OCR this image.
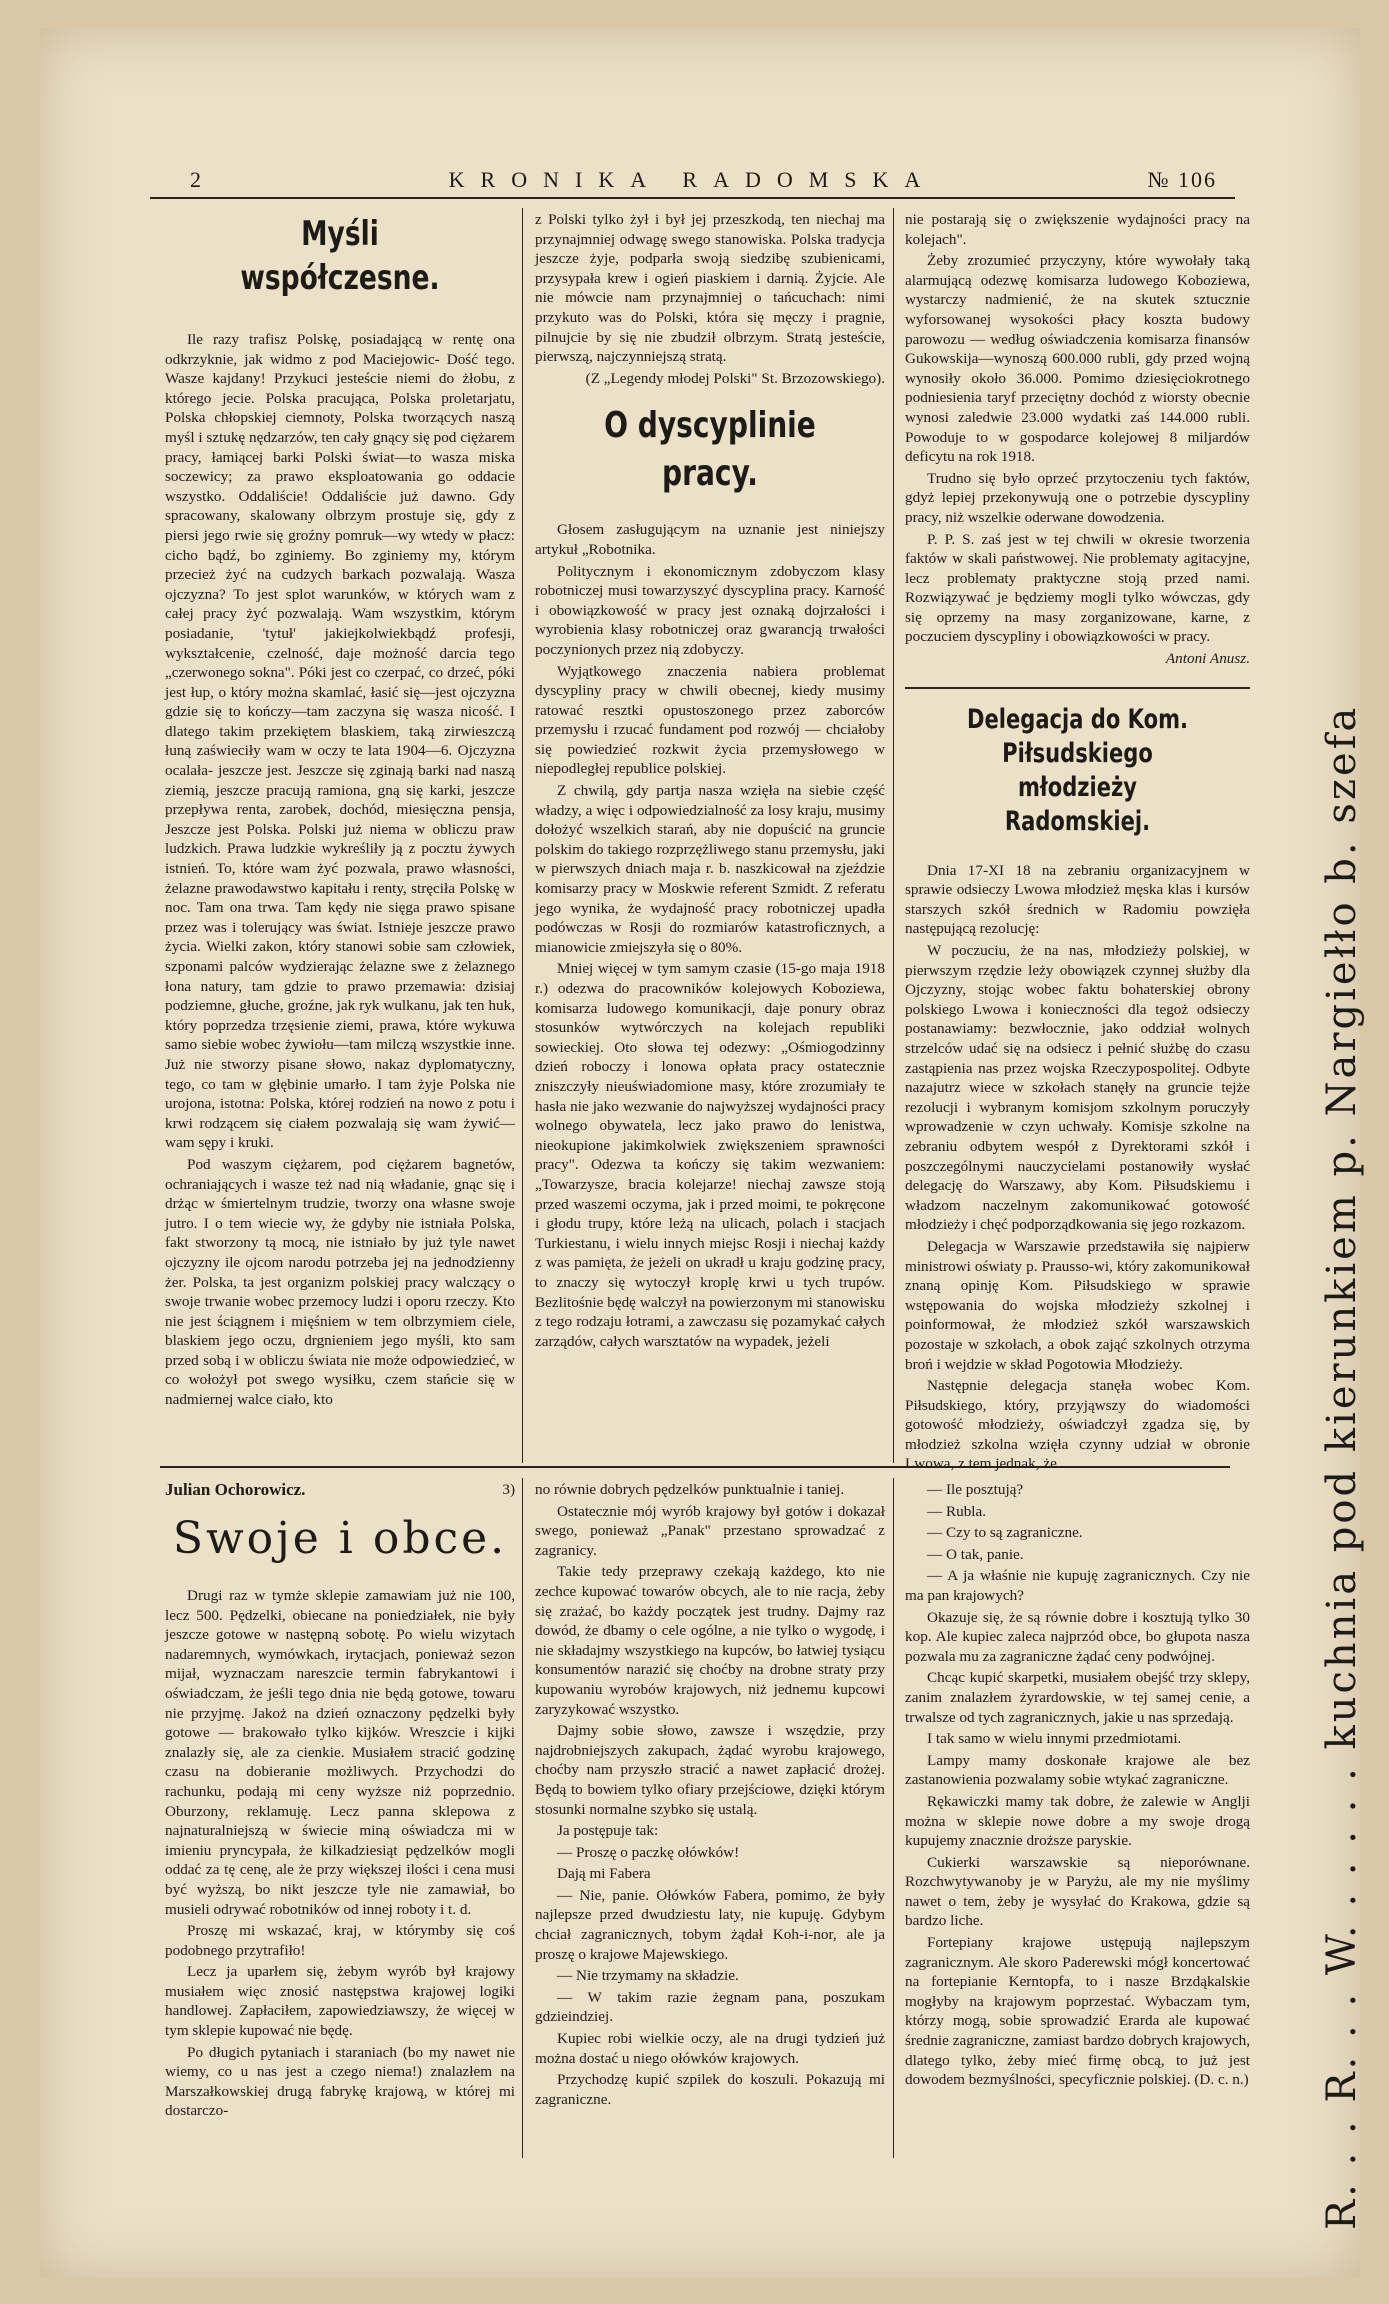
2	KRONIKA RADOMSKA	№ 106
R. . . R. . . W. . . . . . kuchnia pod kierunkiem p. Nargiełło b. szefa
Myśli współczesne.

Ile razy trafisz Polskę, posiadającą w rentę ona odkrzyknie, jak widmo z pod Maciejowic- Dość tego. Wasze kajdany! Przykuci jesteście niemi do żłobu, z którego jecie. Polska pracująca, Polska proletarjatu, Polska chłopskiej ciemnoty, Polska tworzących naszą myśl i sztukę nędzarzów, ten cały gnący się pod ciężarem pracy, łamiącej barki Polski świat—to wasza miska soczewicy; za prawo eksploatowania go oddacie wszystko. Oddaliście! Oddaliście już dawno. Gdy spracowany, skalowany olbrzym prostuje się, gdy z piersi jego rwie się groźny pomruk—wy wtedy w płacz: cicho bądź, bo zginiemy. Bo zginiemy my, którym przecież żyć na cudzych barkach pozwalają. Wasza ojczyzna? To jest splot warunków, w których wam z całej pracy żyć pozwalają. Wam wszystkim, którym posiadanie, 'tytuł' jakiejkolwiekbądź profesji, wykształcenie, czelność, daje możność darcia tego „czerwonego sokna". Póki jest co czerpać, co drzeć, póki jest łup, o który można skamlać, łasić się—jest ojczyzna gdzie się to kończy—tam zaczyna się wasza nicość. I dlatego takim przekiętem blaskiem, taką zirwieszczą łuną zaświeciły wam w oczy te lata 1904—6. Ojczyzna ocalała- jeszcze jest. Jeszcze się zginają barki nad naszą ziemią, jeszcze pracują ramiona, gną się karki, jeszcze przepływa renta, zarobek, dochód, miesięczna pensja, Jeszcze jest Polska. Polski już niema w obliczu praw ludzkich. Prawa ludzkie wykreśliły ją z pocztu żywych istnień. To, które wam żyć pozwala, prawo własności, żelazne prawodawstwo kapitału i renty, stręciła Polskę w noc. Tam ona trwa. Tam kędy nie sięga prawo spisane przez was i tolerujący was świat. Istnieje jeszcze prawo życia. Wielki zakon, który stanowi sobie sam człowiek, szponami palców wydzierając żelazne swe z żelaznego łona natury, tam gdzie to prawo przemawia: dzisiaj podziemne, głuche, groźne, jak ryk wulkanu, jak ten huk, który poprzedza trzęsienie ziemi, prawa, które wykuwa samo siebie wobec żywiołu—tam milczą wszystkie inne. Już nie stworzy pisane słowo, nakaz dyplomatyczny, tego, co tam w głębinie umarło. I tam żyje Polska nie urojona, istotna: Polska, której rodzień na nowo z potu i krwi rodzącem się ciałem pozwalają się wam żywić—wam sępy i kruki.

Pod waszym ciężarem, pod ciężarem bagnetów, ochraniających i wasze też nad nią władanie, gnąc się i drżąc w śmiertelnym trudzie, tworzy ona własne swoje jutro. I o tem wiecie wy, że gdyby nie istniała Polska, fakt stworzony tą mocą, nie istniało by już tyle nawet ojczyzny ile ojcom narodu potrzeba jej na jednodzienny żer. Polska, ta jest organizm polskiej pracy walczący o swoje trwanie wobec przemocy ludzi i oporu rzeczy. Kto nie jest ściągnem i mięśniem w tem olbrzymiem ciele, blaskiem jego oczu, drgnieniem jego myśli, kto sam przed sobą i w obliczu świata nie może odpowiedzieć, w co wołożył pot swego wysiłku, czem stańcie się w nadmiernej walce ciało, kto

z Polski tylko żył i był jej przeszkodą, ten niechaj ma przynajmniej odwagę swego stanowiska. Polska tradycja jeszcze żyje, podparła swoją siedzibę szubienicami, przysypała krew i ogień piaskiem i darnią. Żyjcie. Ale nie mówcie nam przynajmniej o tańcuchach: nimi przykuto was do Polski, która się męczy i pragnie, pilnujcie by się nie zbudził olbrzym. Stratą jesteście, pierwszą, najczynniejszą stratą.

(Z „Legendy młodej Polski" St. Brzozowskiego).

O dyscyplinie pracy.

Głosem zasługującym na uznanie jest niniejszy artykuł „Robotnika.

Politycznym i ekonomicznym zdobyczom klasy robotniczej musi towarzyszyć dyscyplina pracy. Karność i obowiązkowość w pracy jest oznaką dojrzałości i wyrobienia klasy robotniczej oraz gwarancją trwałości poczynionych przez nią zdobyczy.

Wyjątkowego znaczenia nabiera problemat dyscypliny pracy w chwili obecnej, kiedy musimy ratować resztki opustoszonego przez zaborców przemysłu i rzucać fundament pod rozwój — chciałoby się powiedzieć rozkwit życia przemysłowego w niepodległej republice polskiej.

Z chwilą, gdy partja nasza wzięła na siebie część władzy, a więc i odpowiedzialność za losy kraju, musimy dołożyć wszelkich starań, aby nie dopuścić na gruncie polskim do takiego rozprzężliwego stanu przemysłu, jaki w pierwszych dniach maja r. b. naszkicował na zjeździe komisarzy pracy w Moskwie referent Szmidt. Z referatu jego wynika, że wydajność pracy robotniczej upadła podówczas w Rosji do rozmiarów katastroficznych, a mianowicie zmiejszyła się o 80%.

Mniej więcej w tym samym czasie (15-go maja 1918 r.) odezwa do pracowników kolejowych Koboziewa, komisarza ludowego komunikacji, daje ponury obraz stosunków wytwórczych na kolejach republiki sowieckiej. Oto słowa tej odezwy: „Ośmiogodzinny dzień roboczy i lonowa opłata pracy ostatecznie zniszczyły nieuświadomione masy, które zrozumiały te hasła nie jako wezwanie do najwyższej wydajności pracy wolnego obywatela, lecz jako prawo do lenistwa, nieokupione jakimkolwiek zwiększeniem sprawności pracy". Odezwa ta kończy się takim wezwaniem: „Towarzysze, bracia kolejarze! niechaj zawsze stoją przed waszemi oczyma, jak i przed moimi, te pokręcone i głodu trupy, które leżą na ulicach, polach i stacjach Turkiestanu, i wielu innych miejsc Rosji i niechaj każdy z was pamięta, że jeżeli on ukradł u kraju godzinę pracy, to znaczy się wytoczył kroplę krwi u tych trupów. Bezlitośnie będę walczył na powierzonym mi stanowisku z tego rodzaju łotrami, a zawczasu się pozamykać całych zarządów, całych warsztatów na wypadek, jeżeli

nie postarają się o zwiększenie wydajności pracy na kolejach".

Żeby zrozumieć przyczyny, które wywołały taką alarmującą odezwę komisarza ludowego Koboziewa, wystarczy nadmienić, że na skutek sztucznie wyforsowanej wysokości płacy koszta budowy parowozu — według oświadczenia komisarza finansów Gukowskija—wynoszą 600.000 rubli, gdy przed wojną wynosiły około 36.000. Pomimo dziesięciokrotnego podniesienia taryf przeciętny dochód z wiorsty obecnie wynosi zaledwie 23.000 wydatki zaś 144.000 rubli. Powoduje to w gospodarce kolejowej 8 miljardów deficytu na rok 1918.

Trudno się było oprzeć przytoczeniu tych faktów, gdyż lepiej przekonywują one o potrzebie dyscypliny pracy, niż wszelkie oderwane dowodzenia.

P. P. S. zaś jest w tej chwili w okresie tworzenia faktów w skali państwowej. Nie problematy agitacyjne, lecz problematy praktyczne stoją przed nami. Rozwiązywać je będziemy mogli tylko wówczas, gdy się oprzemy na masy zorganizowane, karne, z poczuciem dyscypliny i obowiązkowości w pracy.

Antoni Anusz.

Delegacja do Kom. Piłsudskiego młodzieży Radomskiej.

Dnia 17-XI 18 na zebraniu organizacyjnem w sprawie odsieczy Lwowa młodzież męska klas i kursów starszych szkół średnich w Radomiu powzięła następującą rezolucję:

W poczuciu, że na nas, młodzieży polskiej, w pierwszym rzędzie leży obowiązek czynnej służby dla Ojczyzny, stojąc wobec faktu bohaterskiej obrony polskiego Lwowa i konieczności dla tegoż odsieczy postanawiamy: bezwłocznie, jako oddział wolnych strzelców udać się na odsiecz i pełnić służbę do czasu zastąpienia nas przez wojska Rzeczypospolitej. Odbyte nazajutrz wiece w szkołach stanęły na gruncie tejże rezolucji i wybranym komisjom szkolnym poruczyły wprowadzenie w czyn uchwały. Komisje szkolne na zebraniu odbytem wespół z Dyrektorami szkół i poszczególnymi nauczycielami postanowiły wysłać delegację do Warszawy, aby Kom. Piłsudskiemu i władzom naczelnym zakomunikować gotowość młodzieży i chęć podporządkowania się jego rozkazom.

Delegacja w Warszawie przedstawiła się najpierw ministrowi oświaty p. Prausso-wi, który zakomunikował znaną opinję Kom. Piłsudskiego w sprawie wstępowania do wojska młodzieży szkolnej i poinformował, że młodzież szkół warszawskich pozostaje w szkołach, a obok zająć szkolnych otrzyma broń i wejdzie w skład Pogotowia Młodzieży.

Następnie delegacja stanęła wobec Kom. Piłsudskiego, który, przyjąwszy do wiadomości gotowość młodzieży, oświadczył zgadza się, by młodzież szkolna wzięła czynny udział w obronie Lwowa, z tem jednak, że

Julian Ochorowicz.	3)
Swoje i obce.

Drugi raz w tymże sklepie zamawiam już nie 100, lecz 500. Pędzelki, obiecane na poniedziałek, nie były jeszcze gotowe w następną sobotę. Po wielu wizytach nadaremnych, wymówkach, irytacjach, ponieważ sezon mijał, wyznaczam nareszcie termin fabrykantowi i oświadczam, że jeśli tego dnia nie będą gotowe, towaru nie przyjmę. Jakoż na dzień oznaczony pędzelki były gotowe — brakowało tylko kijków. Wreszcie i kijki znalazły się, ale za cienkie. Musiałem stracić godzinę czasu na dobieranie możliwych. Przychodzi do rachunku, podają mi ceny wyższe niż poprzednio. Oburzony, reklamuję. Lecz panna sklepowa z najnaturalniejszą w świecie miną oświadcza mi w imieniu pryncypała, że kilkadziesiąt pędzelków mogli oddać za tę cenę, ale że przy większej ilości i cena musi być wyższą, bo nikt jeszcze tyle nie zamawiał, bo musieli odrywać robotników od innej roboty i t. d.

Proszę mi wskazać, kraj, w którymby się coś podobnego przytrafiło!

Lecz ja uparłem się, żebym wyrób był krajowy musiałem więc znosić następstwa krajowej logiki handlowej. Zapłaciłem, zapowiedziawszy, że więcej w tym sklepie kupować nie będę.

Po długich pytaniach i staraniach (bo my nawet nie wiemy, co u nas jest a czego niema!) znalazłem na Marszałkowskiej drugą fabrykę krajową, w której mi dostarczo-

no równie dobrych pędzelków punktualnie i taniej.

Ostatecznie mój wyrób krajowy był gotów i dokazał swego, ponieważ „Panak" przestano sprowadzać z zagranicy.

Takie tedy przeprawy czekają każdego, kto nie zechce kupować towarów obcych, ale to nie racja, żeby się zrażać, bo każdy początek jest trudny. Dajmy raz dowód, że dbamy o cele ogólne, a nie tylko o wygodę, i nie składajmy wszystkiego na kupców, bo łatwiej tysiącu konsumentów narazić się choćby na drobne straty przy kupowaniu wyrobów krajowych, niż jednemu kupcowi zaryzykować wszystko.

Dajmy sobie słowo, zawsze i wszędzie, przy najdrobniejszych zakupach, żądać wyrobu krajowego, choćby nam przyszło stracić a nawet zapłacić drożej. Będą to bowiem tylko ofiary przejściowe, dzięki którym stosunki normalne szybko się ustalą.

Ja postępuje tak:

— Proszę o paczkę ołówków!

Dają mi Fabera

— Nie, panie. Ołówków Fabera, pomimo, że były najlepsze przed dwudziestu laty, nie kupuję. Gdybym chciał zagranicznych, tobym żądał Koh-i-nor, ale ja proszę o krajowe Majewskiego.

— Nie trzymamy na składzie.

— W takim razie żegnam pana, poszukam gdzieindziej.

Kupiec robi wielkie oczy, ale na drugi tydzień już można dostać u niego ołówków krajowych.

Przychodzę kupić szpilek do koszuli. Pokazują mi zagraniczne.

— Ile posztują?

— Rubla.

— Czy to są zagraniczne.

— O tak, panie.

— A ja właśnie nie kupuję zagranicznych. Czy nie ma pan krajowych?

Okazuje się, że są równie dobre i kosztują tylko 30 kop. Ale kupiec zaleca najprzód obce, bo głupota nasza pozwala mu za zagraniczne żądać ceny podwójnej.

Chcąc kupić skarpetki, musiałem obejść trzy sklepy, zanim znalazłem żyrardowskie, w tej samej cenie, a trwalsze od tych zagranicznych, jakie u nas sprzedają.

I tak samo w wielu innymi przedmiotami.

Lampy mamy doskonałe krajowe ale bez zastanowienia pozwalamy sobie wtykać zagraniczne.

Rękawiczki mamy tak dobre, że zalewie w Anglji można w sklepie nowe dobre a my swoje drogą kupujemy znacznie droższe paryskie.

Cukierki warszawskie są nieporównane. Rozchwytywanoby je w Paryżu, ale my nie myślimy nawet o tem, żeby je wysyłać do Krakowa, gdzie są bardzo liche.

Fortepiany krajowe ustępują najlepszym zagranicznym. Ale skoro Paderewski mógł koncertować na fortepianie Kerntopfa, to i nasze Brzdąkalskie mogłyby na krajowym poprzestać. Wybaczam tym, którzy mogą, sobie sprowadzić Erarda ale kupować średnie zagraniczne, zamiast bardzo dobrych krajowych, dlatego tylko, żeby mieć firmę obcą, to już jest dowodem bezmyślności, specyficznie polskiej. (D. c. n.)
